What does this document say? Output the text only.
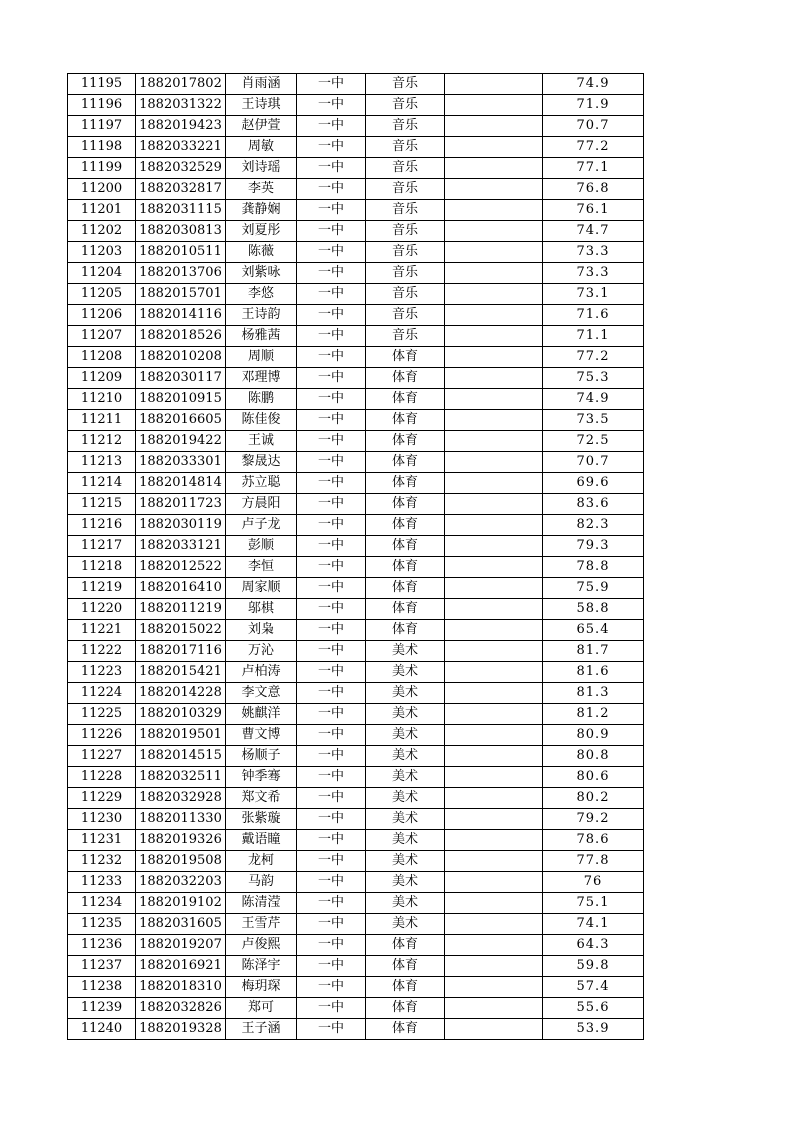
11195	1882017802	肖雨涵	一中	音乐		74.9
11196	1882031322	王诗琪	一中	音乐		71.9
11197	1882019423	赵伊萱	一中	音乐		70.7
11198	1882033221	周敏	一中	音乐		77.2
11199	1882032529	刘诗瑶	一中	音乐		77.1
11200	1882032817	李英	一中	音乐		76.8
11201	1882031115	龚静娴	一中	音乐		76.1
11202	1882030813	刘夏彤	一中	音乐		74.7
11203	1882010511	陈薇	一中	音乐		73.3
11204	1882013706	刘紫咏	一中	音乐		73.3
11205	1882015701	李悠	一中	音乐		73.1
11206	1882014116	王诗韵	一中	音乐		71.6
11207	1882018526	杨雅茜	一中	音乐		71.1
11208	1882010208	周顺	一中	体育		77.2
11209	1882030117	邓理博	一中	体育		75.3
11210	1882010915	陈鹏	一中	体育		74.9
11211	1882016605	陈佳俊	一中	体育		73.5
11212	1882019422	王诚	一中	体育		72.5
11213	1882033301	黎晟达	一中	体育		70.7
11214	1882014814	苏立聪	一中	体育		69.6
11215	1882011723	方晨阳	一中	体育		83.6
11216	1882030119	卢子龙	一中	体育		82.3
11217	1882033121	彭顺	一中	体育		79.3
11218	1882012522	李恒	一中	体育		78.8
11219	1882016410	周家顺	一中	体育		75.9
11220	1882011219	邬棋	一中	体育		58.8
11221	1882015022	刘枭	一中	体育		65.4
11222	1882017116	万沁	一中	美术		81.7
11223	1882015421	卢柏涛	一中	美术		81.6
11224	1882014228	李文意	一中	美术		81.3
11225	1882010329	姚麒洋	一中	美术		81.2
11226	1882019501	曹文博	一中	美术		80.9
11227	1882014515	杨顺子	一中	美术		80.8
11228	1882032511	钟季骞	一中	美术		80.6
11229	1882032928	郑文希	一中	美术		80.2
11230	1882011330	张紫璇	一中	美术		79.2
11231	1882019326	戴语瞳	一中	美术		78.6
11232	1882019508	龙柯	一中	美术		77.8
11233	1882032203	马韵	一中	美术		76
11234	1882019102	陈清滢	一中	美术		75.1
11235	1882031605	王雪芹	一中	美术		74.1
11236	1882019207	卢俊熙	一中	体育		64.3
11237	1882016921	陈泽宇	一中	体育		59.8
11238	1882018310	梅玥琛	一中	体育		57.4
11239	1882032826	郑可	一中	体育		55.6
11240	1882019328	王子涵	一中	体育		53.9
